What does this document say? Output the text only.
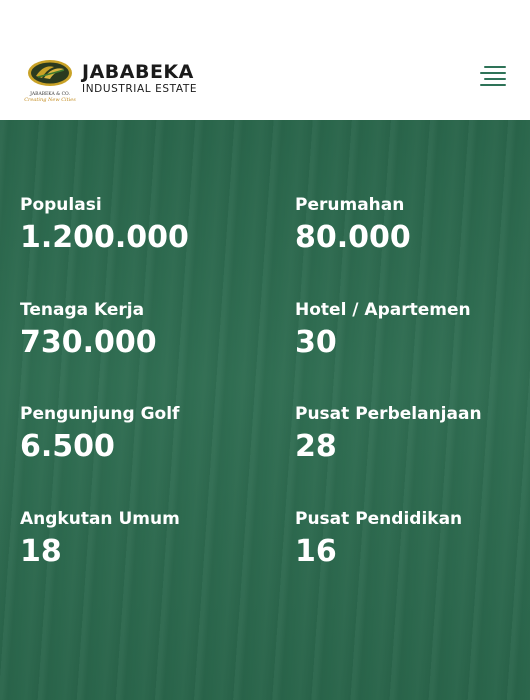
JABABEKA & CO.
Creating New Cities
JABABEKA
INDUSTRIAL ESTATE
Populasi
1.200.000
Perumahan
80.000
Tenaga Kerja
730.000
Hotel / Apartemen
30
Pengunjung Golf
6.500
Pusat Perbelanjaan
28
Angkutan Umum
18
Pusat Pendidikan
16
